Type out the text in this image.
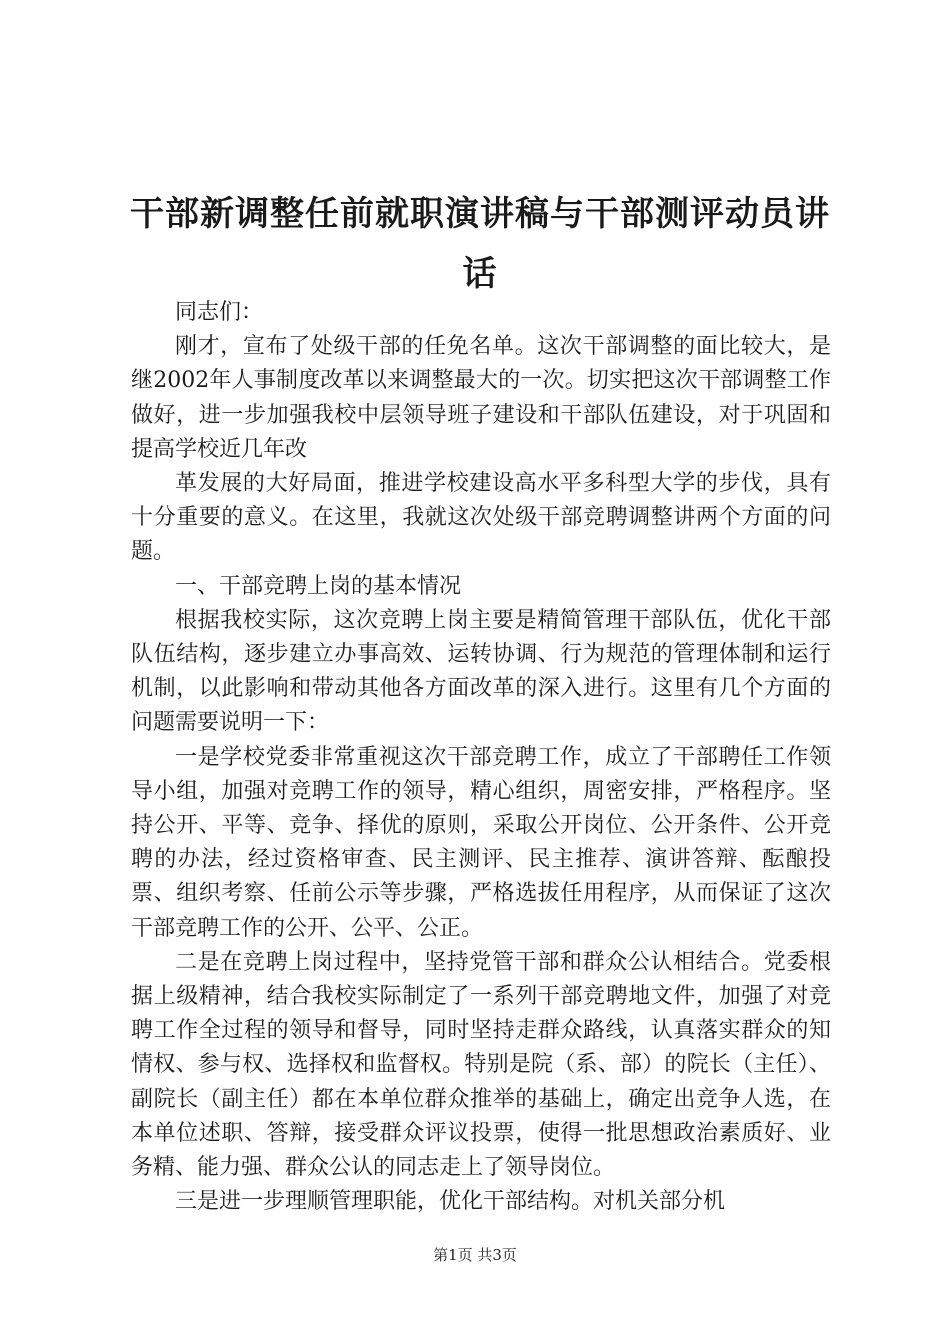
干部新调整任前就职演讲稿与干部测评动员讲
话

同志们：

刚才，宣布了处级干部的任免名单。这次干部调整的面比较大，是继2002年人事制度改革以来调整最大的一次。切实把这次干部调整工作做好，进一步加强我校中层领导班子建设和干部队伍建设，对于巩固和提高学校近几年改

革发展的大好局面，推进学校建设高水平多科型大学的步伐，具有十分重要的意义。在这里，我就这次处级干部竞聘调整讲两个方面的问题。

一、干部竞聘上岗的基本情况

根据我校实际，这次竞聘上岗主要是精简管理干部队伍，优化干部队伍结构，逐步建立办事高效、运转协调、行为规范的管理体制和运行机制，以此影响和带动其他各方面改革的深入进行。这里有几个方面的问题需要说明一下：

一是学校党委非常重视这次干部竞聘工作，成立了干部聘任工作领导小组，加强对竞聘工作的领导，精心组织，周密安排，严格程序。坚持公开、平等、竞争、择优的原则，采取公开岗位、公开条件、公开竞聘的办法，经过资格审查、民主测评、民主推荐、演讲答辩、酝酿投票、组织考察、任前公示等步骤，严格选拔任用程序，从而保证了这次干部竞聘工作的公开、公平、公正。

二是在竞聘上岗过程中，坚持党管干部和群众公认相结合。党委根据上级精神，结合我校实际制定了一系列干部竞聘地文件，加强了对竞聘工作全过程的领导和督导，同时坚持走群众路线，认真落实群众的知情权、参与权、选择权和监督权。特别是院（系、部）的院长（主任）、副院长（副主任）都在本单位群众推举的基础上，确定出竞争人选，在本单位述职、答辩，接受群众评议投票，使得一批思想政治素质好、业务精、能力强、群众公认的同志走上了领导岗位。

三是进一步理顺管理职能，优化干部结构。对机关部分机

第1页 共3页
